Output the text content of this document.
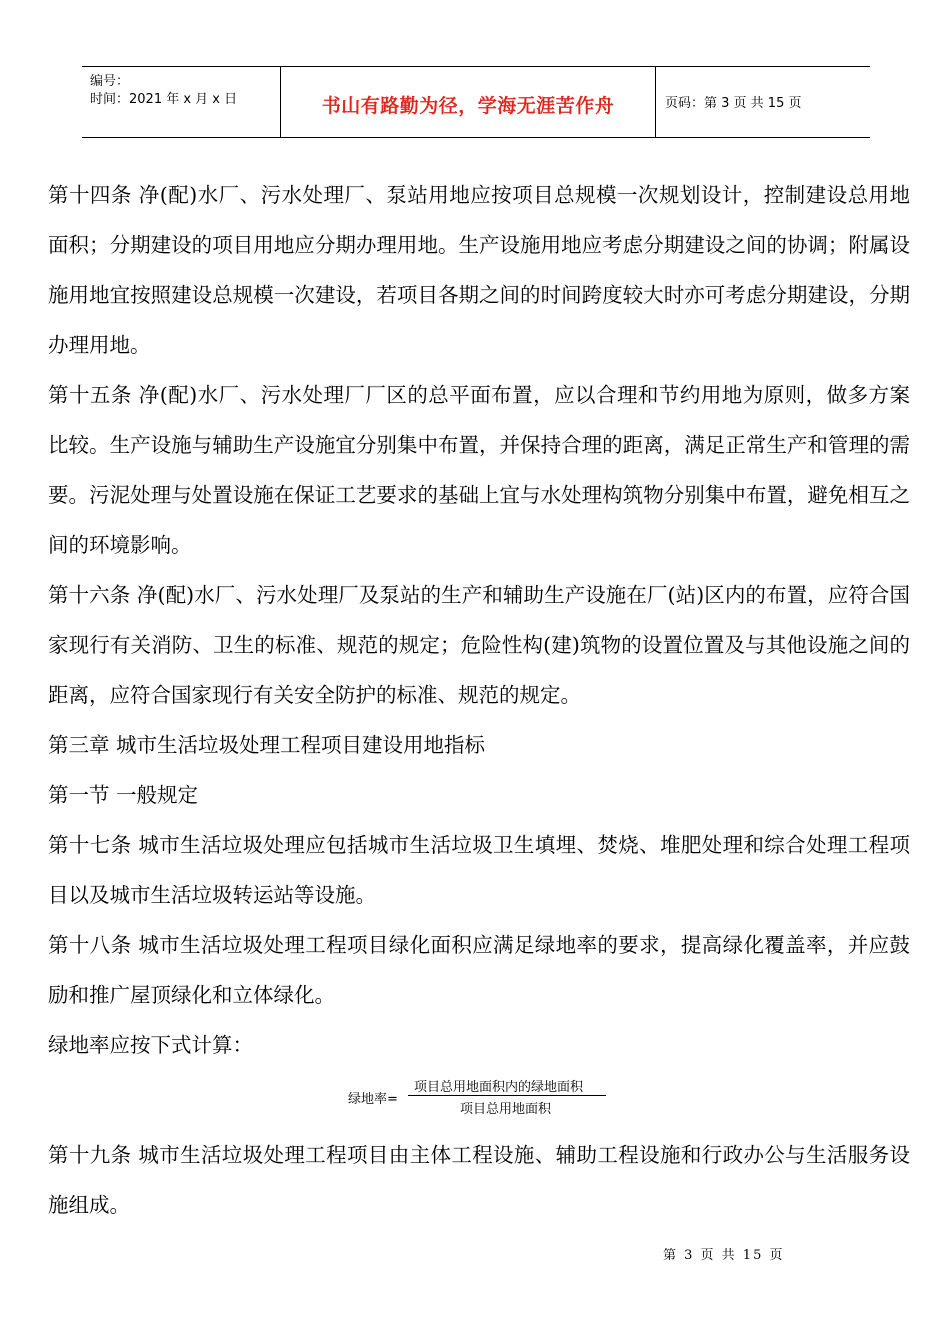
编号：
时间：2021 年 x 月 x 日	书山有路勤为径，学海无涯苦作舟	页码：第 3 页 共 15 页

第十四条 净(配)水厂、污水处理厂、泵站用地应按项目总规模一次规划设计，控制建设总用地面积；分期建设的项目用地应分期办理用地。生产设施用地应考虑分期建设之间的协调；附属设施用地宜按照建设总规模一次建设，若项目各期之间的时间跨度较大时亦可考虑分期建设，分期办理用地。

第十五条 净(配)水厂、污水处理厂厂区的总平面布置，应以合理和节约用地为原则，做多方案比较。生产设施与辅助生产设施宜分别集中布置，并保持合理的距离，满足正常生产和管理的需要。污泥处理与处置设施在保证工艺要求的基础上宜与水处理构筑物分别集中布置，避免相互之间的环境影响。

第十六条 净(配)水厂、污水处理厂及泵站的生产和辅助生产设施在厂(站)区内的布置，应符合国家现行有关消防、卫生的标准、规范的规定；危险性构(建)筑物的设置位置及与其他设施之间的距离，应符合国家现行有关安全防护的标准、规范的规定。

第三章 城市生活垃圾处理工程项目建设用地指标

第一节 一般规定

第十七条 城市生活垃圾处理应包括城市生活垃圾卫生填埋、焚烧、堆肥处理和综合处理工程项目以及城市生活垃圾转运站等设施。

第十八条 城市生活垃圾处理工程项目绿化面积应满足绿地率的要求，提高绿化覆盖率，并应鼓励和推广屋顶绿化和立体绿化。

绿地率应按下式计算：

绿地率=
项目总用地面积内的绿地面积
项目总用地面积

第十九条 城市生活垃圾处理工程项目由主体工程设施、辅助工程设施和行政办公与生活服务设施组成。

第 3 页 共 15 页
